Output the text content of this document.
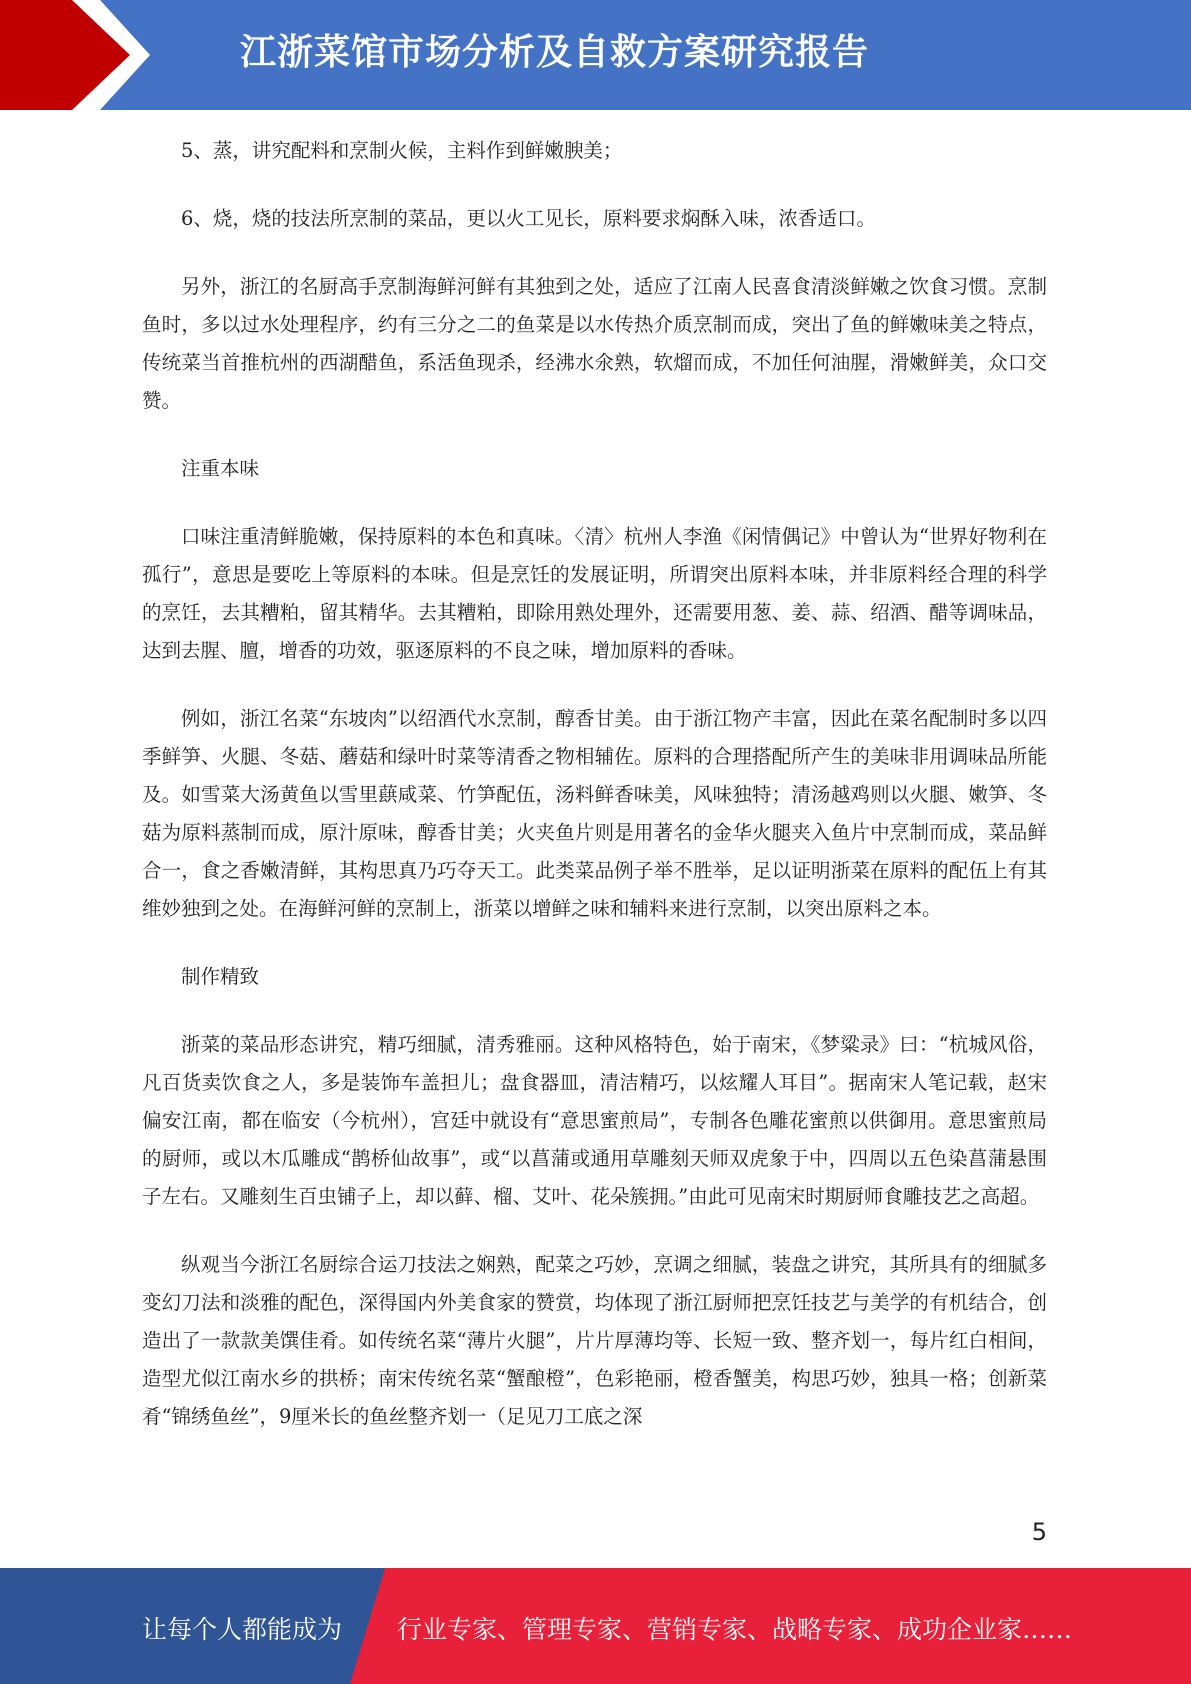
江浙菜馆市场分析及自救方案研究报告

5、蒸，讲究配料和烹制火候，主料作到鲜嫩腴美；

6、烧，烧的技法所烹制的菜品，更以火工见长，原料要求焖酥入味，浓香适口。

另外，浙江的名厨高手烹制海鲜河鲜有其独到之处，适应了江南人民喜食清淡鲜嫩之饮食习惯。烹制鱼时，多以过水处理程序，约有三分之二的鱼菜是以水传热介质烹制而成，突出了鱼的鲜嫩味美之特点，传统菜当首推杭州的西湖醋鱼，系活鱼现杀，经沸水氽熟，软熘而成，不加任何油腥，滑嫩鲜美，众口交赞。

注重本味

口味注重清鲜脆嫩，保持原料的本色和真味。〈清〉杭州人李渔《闲情偶记》中曾认为“世界好物利在孤行”，意思是要吃上等原料的本味。但是烹饪的发展证明，所谓突出原料本味，并非原料经合理的科学的烹饪，去其糟粕，留其精华。去其糟粕，即除用熟处理外，还需要用葱、姜、蒜、绍酒、醋等调味品，达到去腥、膻，增香的功效，驱逐原料的不良之味，增加原料的香味。

例如，浙江名菜“东坡肉”以绍酒代水烹制，醇香甘美。由于浙江物产丰富，因此在菜名配制时多以四季鲜笋、火腿、冬菇、蘑菇和绿叶时菜等清香之物相辅佐。原料的合理搭配所产生的美味非用调味品所能及。如雪菜大汤黄鱼以雪里蕻咸菜、竹笋配伍，汤料鲜香味美，风味独特；清汤越鸡则以火腿、嫩笋、冬菇为原料蒸制而成，原汁原味，醇香甘美；火夹鱼片则是用著名的金华火腿夹入鱼片中烹制而成，菜品鲜合一，食之香嫩清鲜，其构思真乃巧夺天工。此类菜品例子举不胜举，足以证明浙菜在原料的配伍上有其维妙独到之处。在海鲜河鲜的烹制上，浙菜以增鲜之味和辅料来进行烹制，以突出原料之本。

制作精致

浙菜的菜品形态讲究，精巧细腻，清秀雅丽。这种风格特色，始于南宋，《梦粱录》曰：“杭城风俗，凡百货卖饮食之人，多是装饰车盖担儿；盘食器皿，清洁精巧，以炫耀人耳目”。据南宋人笔记载，赵宋偏安江南，都在临安（今杭州），宫廷中就设有“意思蜜煎局”，专制各色雕花蜜煎以供御用。意思蜜煎局的厨师，或以木瓜雕成“鹊桥仙故事”，或“以菖蒲或通用草雕刻天师双虎象于中，四周以五色染菖蒲悬围子左右。又雕刻生百虫铺子上，却以藓、榴、艾叶、花朵簇拥。”由此可见南宋时期厨师食雕技艺之高超。

纵观当今浙江名厨综合运刀技法之娴熟，配菜之巧妙，烹调之细腻，装盘之讲究，其所具有的细腻多变幻刀法和淡雅的配色，深得国内外美食家的赞赏，均体现了浙江厨师把烹饪技艺与美学的有机结合，创造出了一款款美馔佳肴。如传统名菜“薄片火腿”，片片厚薄均等、长短一致、整齐划一，每片红白相间，造型尤似江南水乡的拱桥；南宋传统名菜“蟹酿橙”，色彩艳丽，橙香蟹美，构思巧妙，独具一格；创新菜肴“锦绣鱼丝”，9厘米长的鱼丝整齐划一（足见刀工底之深

5
让每个人都能成为 行业专家、管理专家、营销专家、战略专家、成功企业家……
